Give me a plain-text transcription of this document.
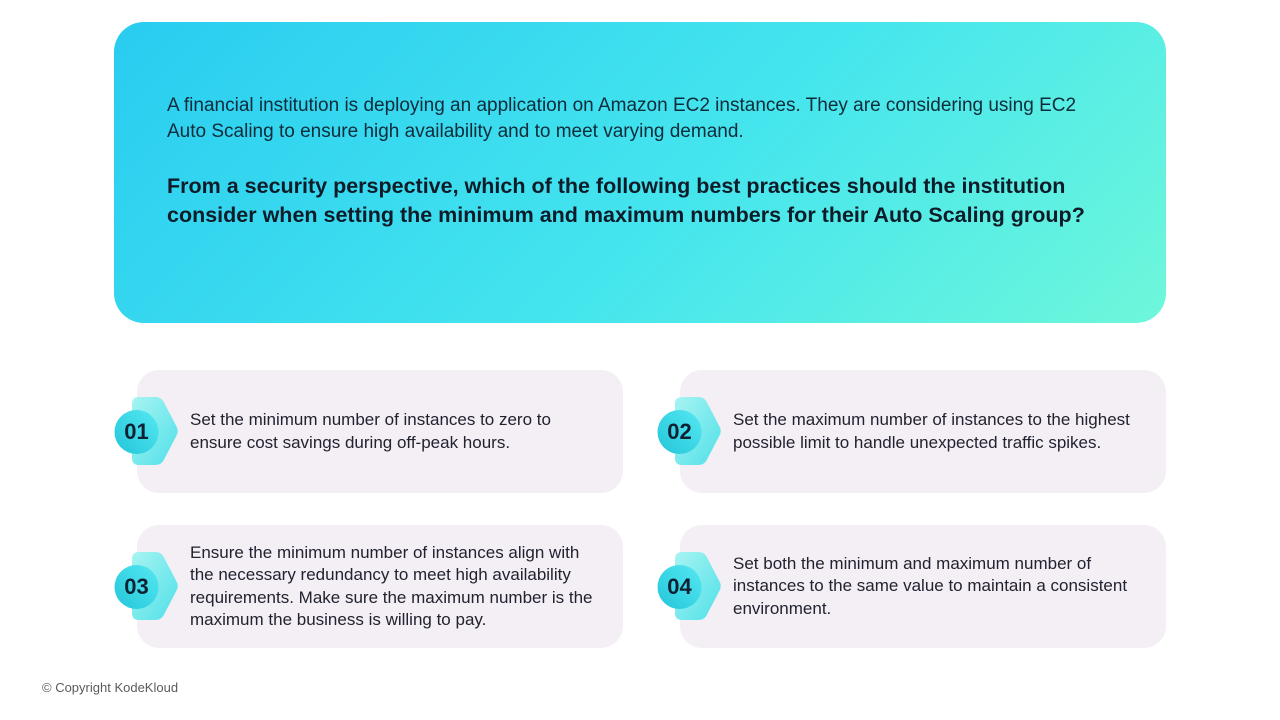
A financial institution is deploying an application on Amazon EC2 instances. They are considering using EC2 Auto Scaling to ensure high availability and to meet varying demand.
From a security perspective, which of the following best practices should the institution consider when setting the minimum and maximum numbers for their Auto Scaling group?
01	Set the minimum number of instances to zero to ensure cost savings during off-peak hours.	02	Set the maximum number of instances to the highest possible limit to handle unexpected traffic spikes.
03
Ensure the minimum number of instances align with the necessary redundancy to meet high availability requirements. Make sure the maximum number is the maximum the business is willing to pay.
04
Set both the minimum and maximum number of instances to the same value to maintain a consistent environment.
© Copyright KodeKloud
